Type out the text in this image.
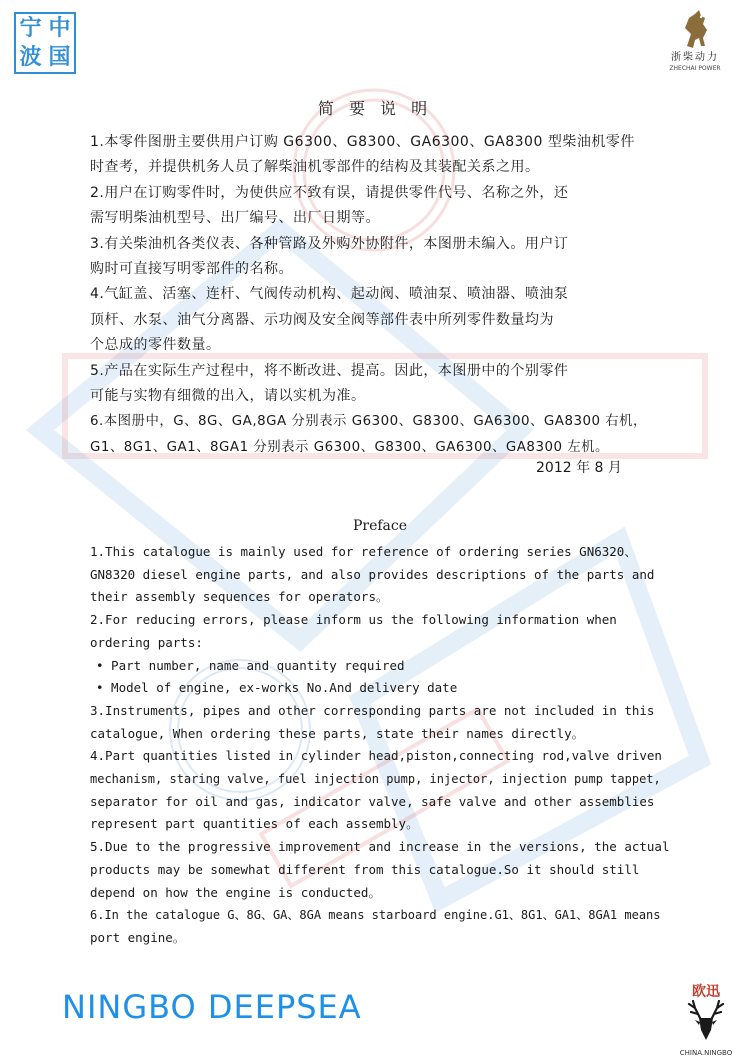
宁 中
波 国	浙柴动力
ZHECHAI POWER
简 要 说 明

1.本零件图册主要供用户订购 G6300、G8300、GA6300、GA8300 型柴油机零件

时查考，并提供机务人员了解柴油机零部件的结构及其装配关系之用。

2.用户在订购零件时，为使供应不致有误，请提供零件代号、名称之外，还

需写明柴油机型号、出厂编号、出厂日期等。

3.有关柴油机各类仪表、各种管路及外购外协附件，本图册未编入。用户订

购时可直接写明零部件的名称。

4.气缸盖、活塞、连杆、气阀传动机构、起动阀、喷油泵、喷油器、喷油泵

顶杆、水泵、油气分离器、示功阀及安全阀等部件表中所列零件数量均为

个总成的零件数量。

5.产品在实际生产过程中，将不断改进、提高。因此，本图册中的个别零件

可能与实物有细微的出入，请以实机为准。

6.本图册中，G、8G、GA,8GA 分别表示 G6300、G8300、GA6300、GA8300 右机，

G1、8G1、GA1、8GA1 分别表示 G6300、G8300、GA6300、GA8300 左机。

2012 年 8 月
Preface

1.This catalogue is mainly used for reference of ordering series GN6320、

GN8320 diesel engine parts, and also provides descriptions of the parts and

their assembly sequences for operators。

2.For reducing errors, please inform us the following information when

ordering parts:

• Part number, name and quantity required

• Model of engine, ex-works No.And delivery date

3.Instruments, pipes and other corresponding parts are not included in this

catalogue, When ordering these parts, state their names directly。

4.Part quantities listed in cylinder head,piston,connecting rod,valve driven

mechanism, staring valve, fuel injection pump, injector, injection pump tappet,

separator for oil and gas, indicator valve, safe valve and other assemblies

represent part quantities of each assembly。

5.Due to the progressive improvement and increase in the versions, the actual

products may be somewhat different from this catalogue.So it should still

depend on how the engine is conducted。

6.In the catalogue G、8G、GA、8GA means starboard engine.G1、8G1、GA1、8GA1 means

port engine。

NINGBO DEEPSEA	欧迅
CHINA.NINGBO
